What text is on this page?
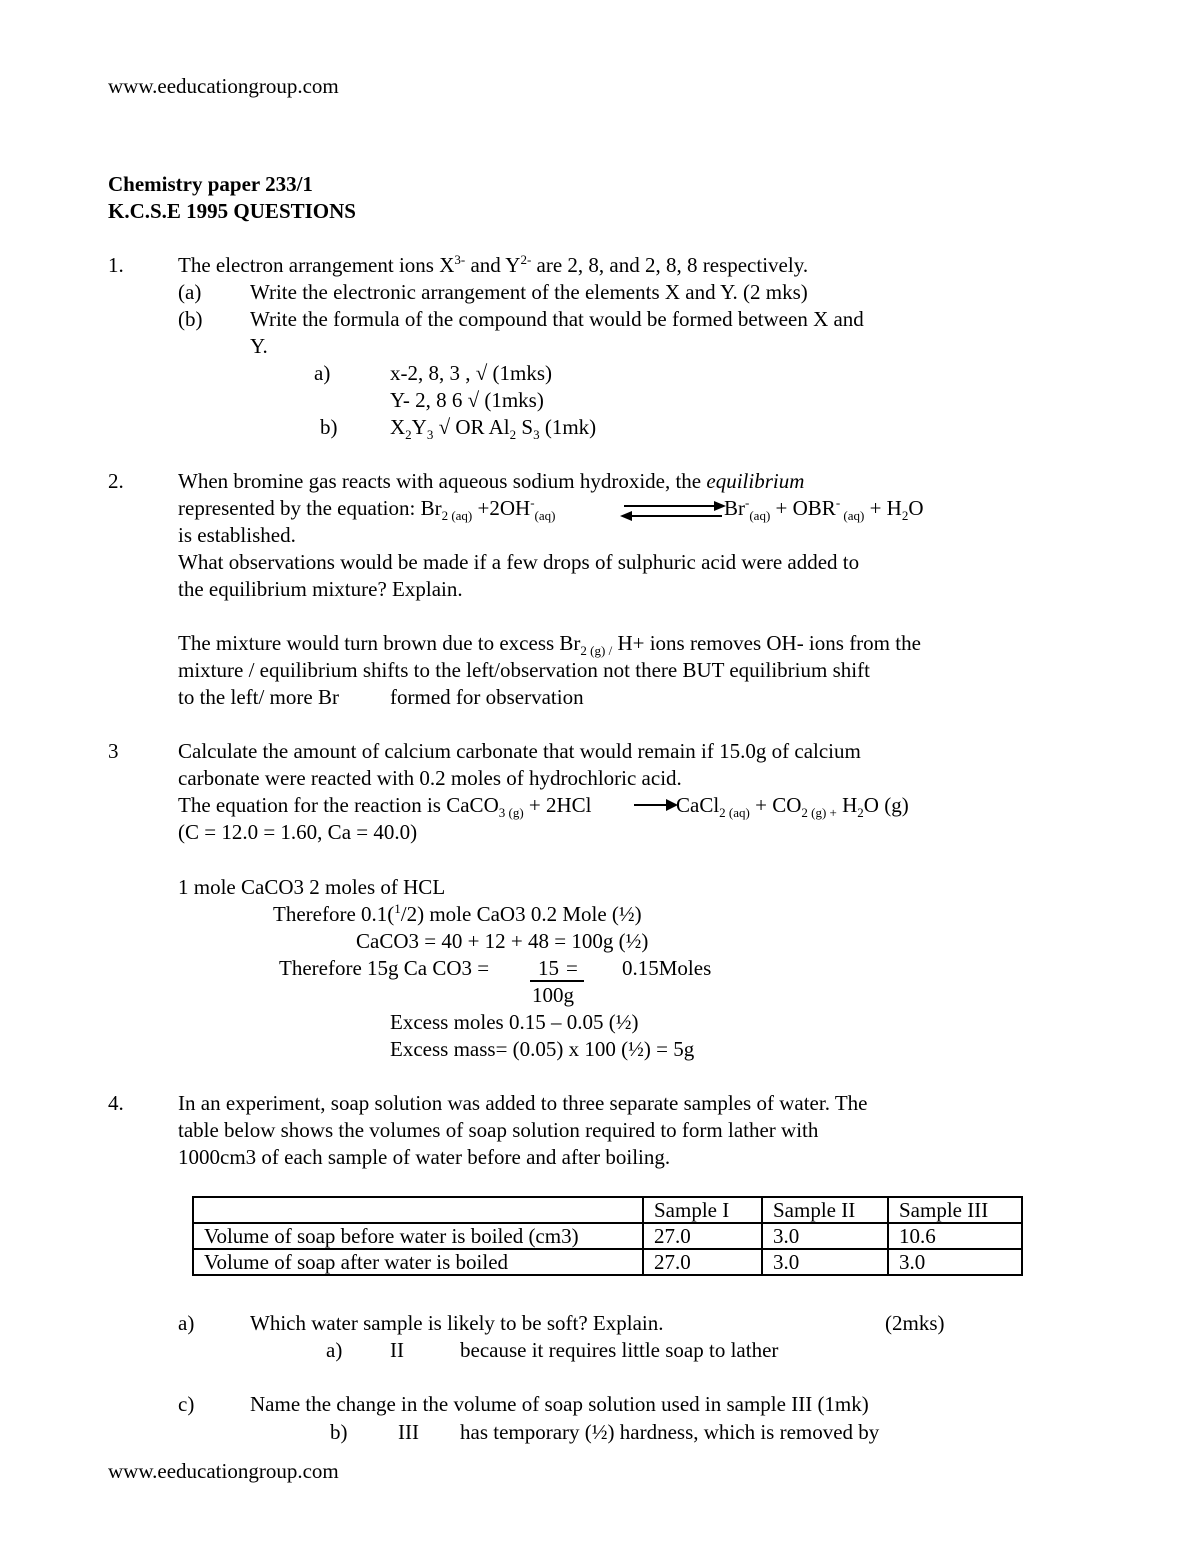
www.eeducationgroup.com
Chemistry paper 233/1
K.C.S.E 1995 QUESTIONS
1.	The electron arrangement ions $X^{3-}$ and $Y^{2-}$ are 2, 8, and 2, 8, 8 respectively.
(a) Write the electronic arrangement of the elements X and Y. (2 mks)
(b) Write the formula of the compound that would be formed between X and
Y.
a)	x-2, 8, 3 , √ (1mks)
Y- 2, 8 6 √ (1mks)
b)	$X_2Y_3$ √ OR $Al_2$ $S_3$ (1mk)
2.	When bromine gas reacts with aqueous sodium hydroxide, the equilibrium
represented by the equation: $Br_{2 (aq)} +2OH^-_{(aq)}$	$Br^-_{(aq)} + OBR^-$ $_{(aq)} + H_2O$
is established.
What observations would be made if a few drops of sulphuric acid were added to
the equilibrium mixture? Explain.
The mixture would turn brown due to excess $Br_{2 (g) /}$ H+ ions removes OH- ions from the
mixture / equilibrium shifts to the left/observation not there BUT equilibrium shift
to the left/ more Br formed for observation
3	Calculate the amount of calcium carbonate that would remain if 15.0g of calcium
carbonate were reacted with 0.2 moles of hydrochloric acid.
The equation for the reaction is CaCO$_{3 (g)}$ + 2HCl	CaCl$_{2 (aq)}$ + $CO_{2 (g) +}$ $H_2O$ (g)
(C = 12.0 = 1.60, Ca = 40.0)
1 mole CaCO3 2 moles of HCL
Therefore 0.1($^1$/2) mole CaO3 0.2 Mole (½)
CaCO3 = 40 + 12 + 48 = 100g (½)
Therefore 15g Ca CO3 = 15 = 0.15Moles
100g
Excess moles 0.15 – 0.05 (½)
Excess mass= (0.05) x 100 (½) = 5g
4.	In an experiment, soap solution was added to three separate samples of water. The
table below shows the volumes of soap solution required to form lather with
1000cm3 of each sample of water before and after boiling.
	Sample I	Sample II	Sample III
Volume of soap before water is boiled (cm3)	27.0	3.0	10.6
Volume of soap after water is boiled	27.0	3.0	3.0
a)	Which water sample is likely to be soft? Explain.	(2mks)
a) II	because it requires little soap to lather
c)	Name the change in the volume of soap solution used in sample III (1mk)
b) III has temporary (½) hardness, which is removed by
www.eeducationgroup.com
